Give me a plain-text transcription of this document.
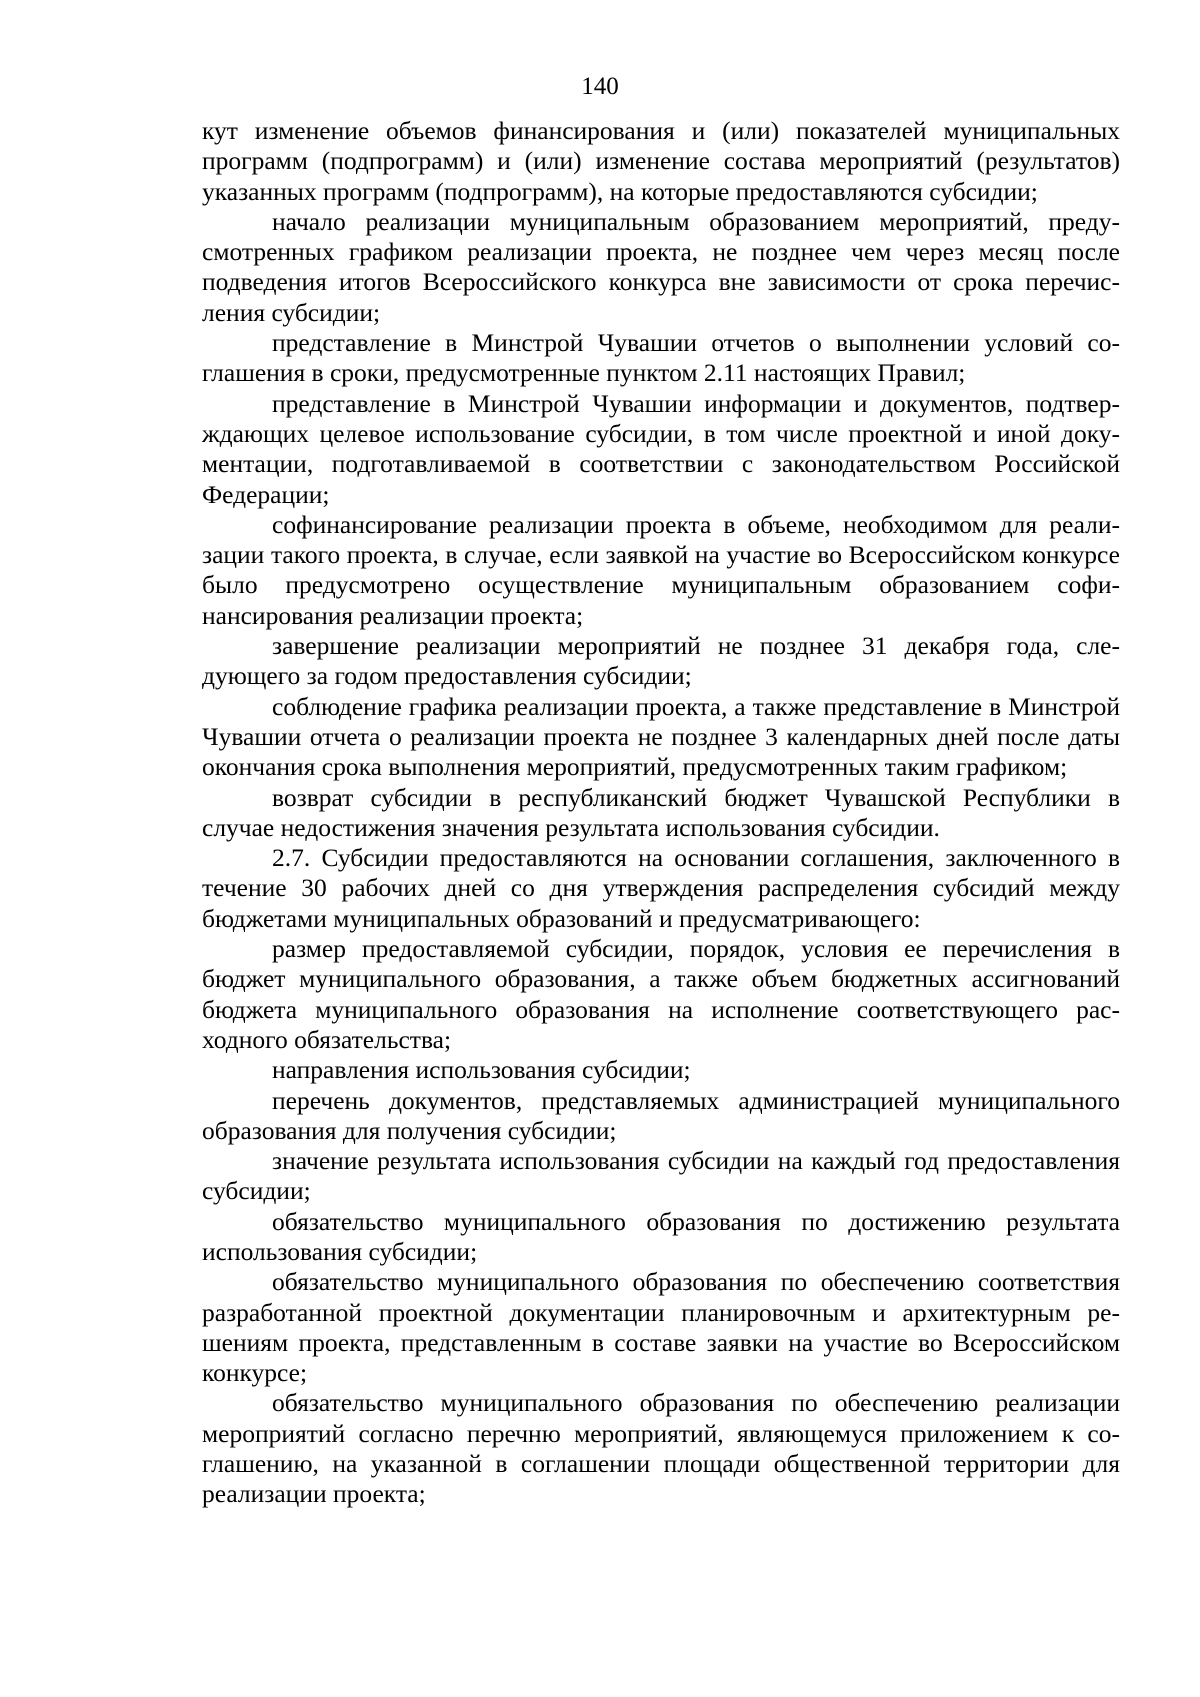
140

кут изменение объемов финансирования и (или) показателей муниципальных программ (подпрограмм) и (или) изменение состава мероприятий (результатов) указанных программ (подпрограмм), на которые предоставляются субсидии;

начало реализации муниципальным образованием мероприятий, предусмотренных графиком реализации проекта, не позднее чем через месяц после подведения итогов Всероссийского конкурса вне зависимости от срока перечисления субсидии;

представление в Минстрой Чувашии отчетов о выполнении условий соглашения в сроки, предусмотренные пунктом 2.11 настоящих Правил;

представление в Минстрой Чувашии информации и документов, подтверждающих целевое использование субсидии, в том числе проектной и иной документации, подготавливаемой в соответствии с законодательством Российской Федерации;

софинансирование реализации проекта в объеме, необходимом для реализации такого проекта, в случае, если заявкой на участие во Всероссийском конкурсе было предусмотрено осуществление муниципальным образованием софинансирования реализации проекта;

завершение реализации мероприятий не позднее 31 декабря года, следующего за годом предоставления субсидии;

соблюдение графика реализации проекта, а также представление в Минстрой Чувашии отчета о реализации проекта не позднее 3 календарных дней после даты окончания срока выполнения мероприятий, предусмотренных таким графиком;

возврат субсидии в республиканский бюджет Чувашской Республики в случае недостижения значения результата использования субсидии.

2.7. Субсидии предоставляются на основании соглашения, заключенного в течение 30 рабочих дней со дня утверждения распределения субсидий между бюджетами муниципальных образований и предусматривающего:

размер предоставляемой субсидии, порядок, условия ее перечисления в бюджет муниципального образования, а также объем бюджетных ассигнований бюджета муниципального образования на исполнение соответствующего расходного обязательства;

направления использования субсидии;

перечень документов, представляемых администрацией муниципального образования для получения субсидии;

значение результата использования субсидии на каждый год предоставления субсидии;

обязательство муниципального образования по достижению результата использования субсидии;

обязательство муниципального образования по обеспечению соответствия разработанной проектной документации планировочным и архитектурным решениям проекта, представленным в составе заявки на участие во Всероссийском конкурсе;

обязательство муниципального образования по обеспечению реализации мероприятий согласно перечню мероприятий, являющемуся приложением к соглашению, на указанной в соглашении площади общественной территории для реализации проекта;
